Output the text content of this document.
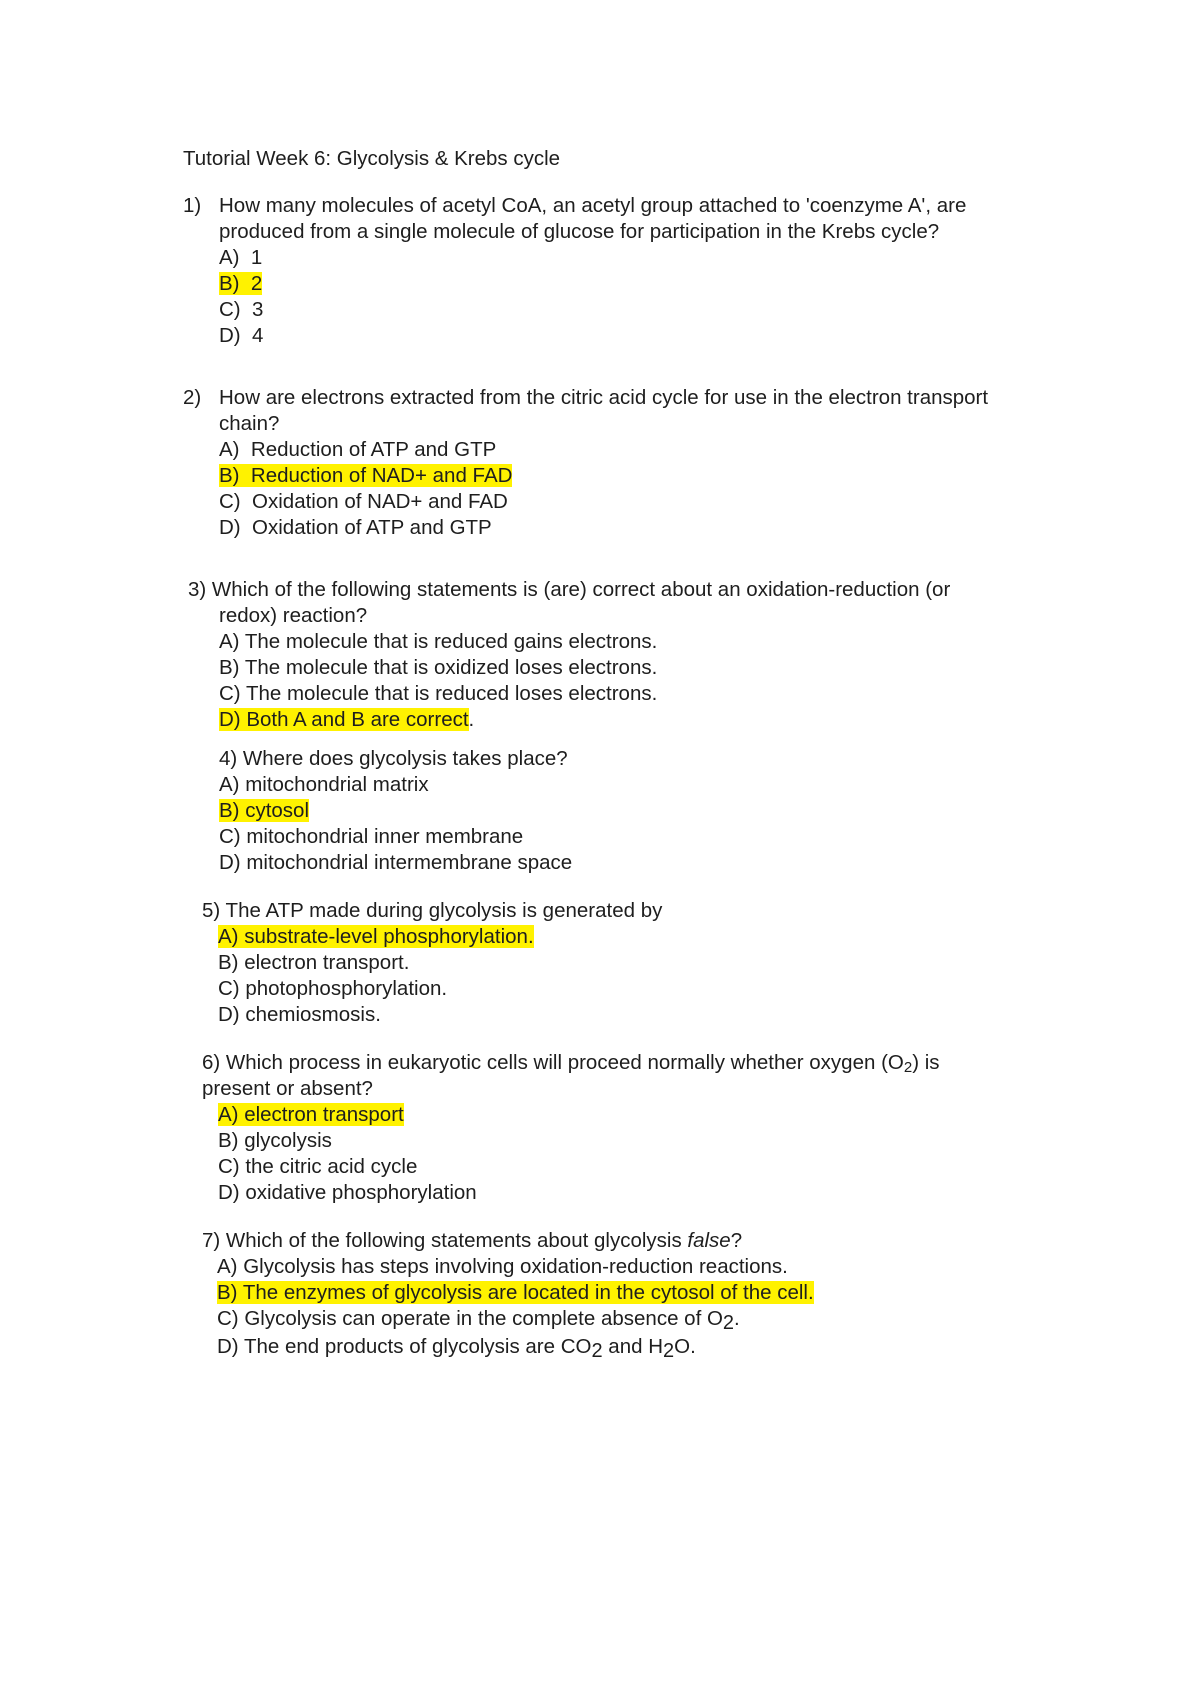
Tutorial Week 6: Glycolysis & Krebs cycle
1) How many molecules of acetyl CoA, an acetyl group attached to 'coenzyme A', are
produced from a single molecule of glucose for participation in the Krebs cycle?
A) 1
B) 2
C) 3
D) 4
2) How are electrons extracted from the citric acid cycle for use in the electron transport
chain?
A) Reduction of ATP and GTP
B) Reduction of NAD+ and FAD
C) Oxidation of NAD+ and FAD
D) Oxidation of ATP and GTP
3) Which of the following statements is (are) correct about an oxidation-reduction (or
redox) reaction?
A) The molecule that is reduced gains electrons.
B) The molecule that is oxidized loses electrons.
C) The molecule that is reduced loses electrons.
D) Both A and B are correct.
4) Where does glycolysis takes place?
A) mitochondrial matrix
B) cytosol
C) mitochondrial inner membrane
D) mitochondrial intermembrane space
5) The ATP made during glycolysis is generated by
A) substrate-level phosphorylation.
B) electron transport.
C) photophosphorylation.
D) chemiosmosis.
6) Which process in eukaryotic cells will proceed normally whether oxygen $(O_2)$ is
present or absent?
A) electron transport
B) glycolysis
C) the citric acid cycle
D) oxidative phosphorylation
7) Which of the following statements about glycolysis false?
A) Glycolysis has steps involving oxidation-reduction reactions.
B) The enzymes of glycolysis are located in the cytosol of the cell.
C) Glycolysis can operate in the complete absence of O2.
D) The end products of glycolysis are CO2 and H2O.
